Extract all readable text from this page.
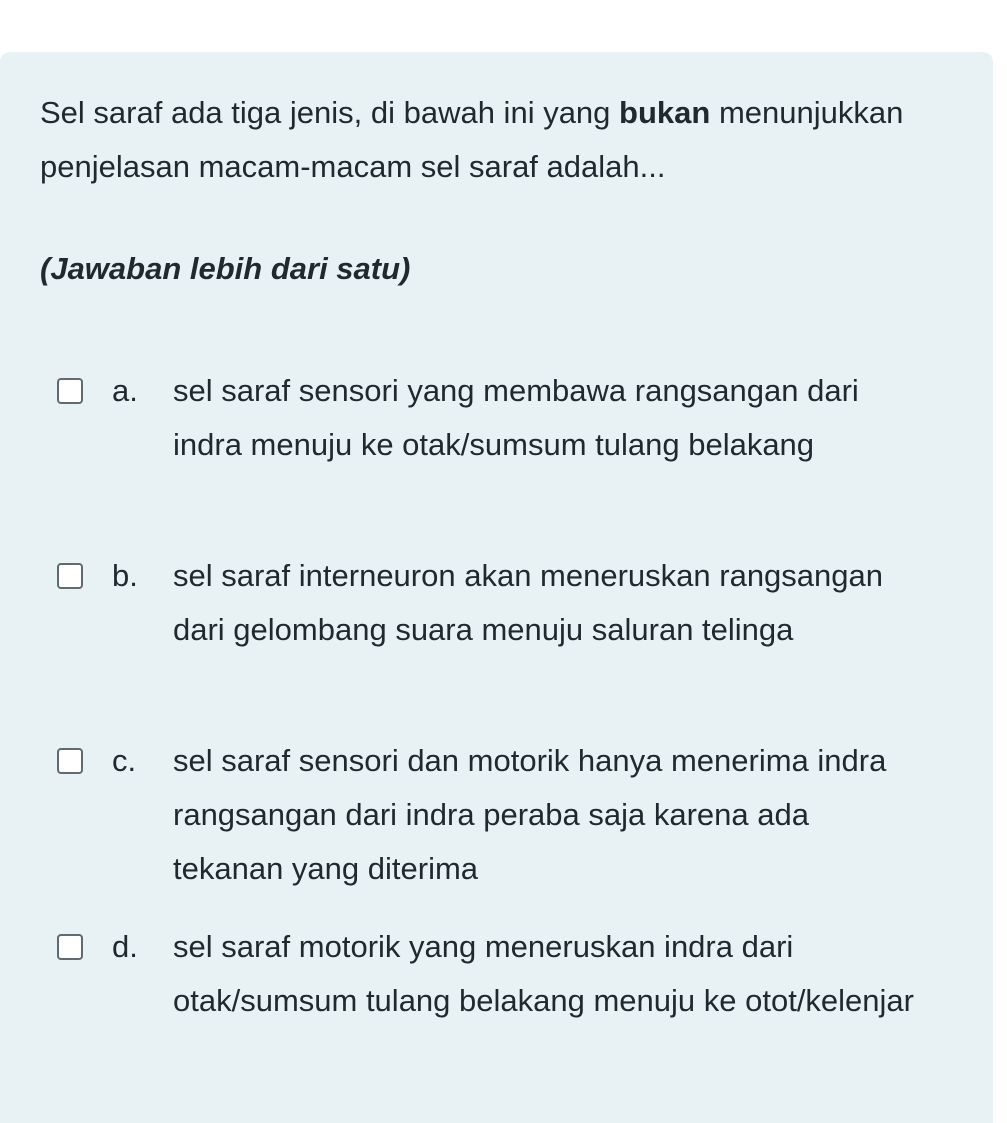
Sel saraf ada tiga jenis, di bawah ini yang bukan menunjukkan penjelasan macam-macam sel saraf adalah...
(Jawaban lebih dari satu)
a. sel saraf sensori yang membawa rangsangan dari indra menuju ke otak/sumsum tulang belakang
b. sel saraf interneuron akan meneruskan rangsangan dari gelombang suara menuju saluran telinga
c. sel saraf sensori dan motorik hanya menerima indra rangsangan dari indra peraba saja karena ada tekanan yang diterima
d. sel saraf motorik yang meneruskan indra dari otak/sumsum tulang belakang menuju ke otot/kelenjar
